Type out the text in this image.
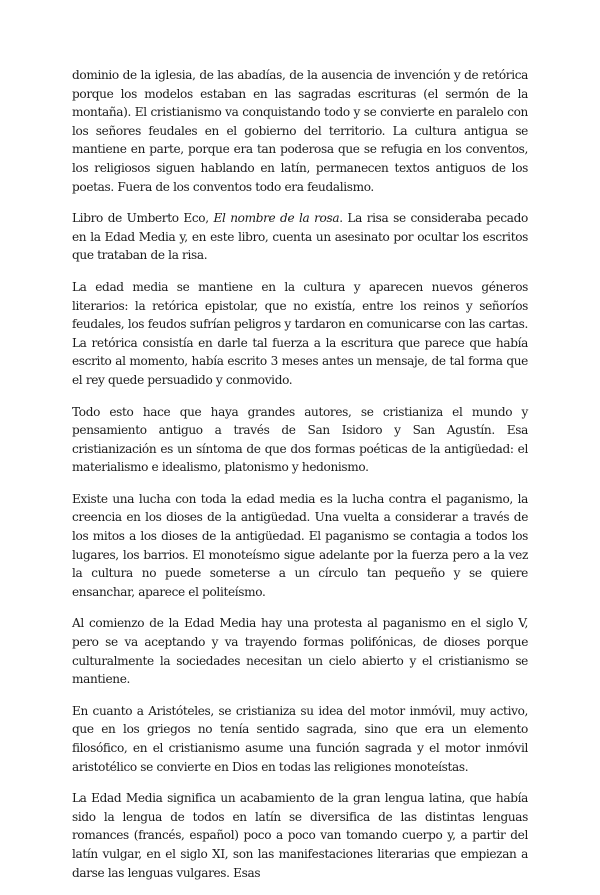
dominio de la iglesia, de las abadías, de la ausencia de invención y de retórica porque los modelos estaban en las sagradas escrituras (el sermón de la montaña). El cristianismo va conquistando todo y se convierte en paralelo con los señores feudales en el gobierno del territorio. La cultura antigua se mantiene en parte, porque era tan poderosa que se refugia en los conventos, los religiosos siguen hablando en latín, permanecen textos antiguos de los poetas. Fuera de los conventos todo era feudalismo.

Libro de Umberto Eco, El nombre de la rosa. La risa se consideraba pecado en la Edad Media y, en este libro, cuenta un asesinato por ocultar los escritos que trataban de la risa.

La edad media se mantiene en la cultura y aparecen nuevos géneros literarios: la retórica epistolar, que no existía, entre los reinos y señoríos feudales, los feudos sufrían peligros y tardaron en comunicarse con las cartas. La retórica consistía en darle tal fuerza a la escritura que parece que había escrito al momento, había escrito 3 meses antes un mensaje, de tal forma que el rey quede persuadido y conmovido.

Todo esto hace que haya grandes autores, se cristianiza el mundo y pensamiento antiguo a través de San Isidoro y San Agustín. Esa cristianización es un síntoma de que dos formas poéticas de la antigüedad: el materialismo e idealismo, platonismo y hedonismo.

Existe una lucha con toda la edad media es la lucha contra el paganismo, la creencia en los dioses de la antigüedad. Una vuelta a considerar a través de los mitos a los dioses de la antigüedad. El paganismo se contagia a todos los lugares, los barrios. El monoteísmo sigue adelante por la fuerza pero a la vez la cultura no puede someterse a un círculo tan pequeño y se quiere ensanchar, aparece el politeísmo.

Al comienzo de la Edad Media hay una protesta al paganismo en el siglo V, pero se va aceptando y va trayendo formas polifónicas, de dioses porque culturalmente la sociedades necesitan un cielo abierto y el cristianismo se mantiene.

En cuanto a Aristóteles, se cristianiza su idea del motor inmóvil, muy activo, que en los griegos no tenía sentido sagrada, sino que era un elemento filosófico, en el cristianismo asume una función sagrada y el motor inmóvil aristotélico se convierte en Dios en todas las religiones monoteístas.

La Edad Media significa un acabamiento de la gran lengua latina, que había sido la lengua de todos en latín se diversifica de las distintas lenguas romances (francés, español) poco a poco van tomando cuerpo y, a partir del latín vulgar, en el siglo XI, son las manifestaciones literarias que empiezan a darse las lenguas vulgares. Esas
